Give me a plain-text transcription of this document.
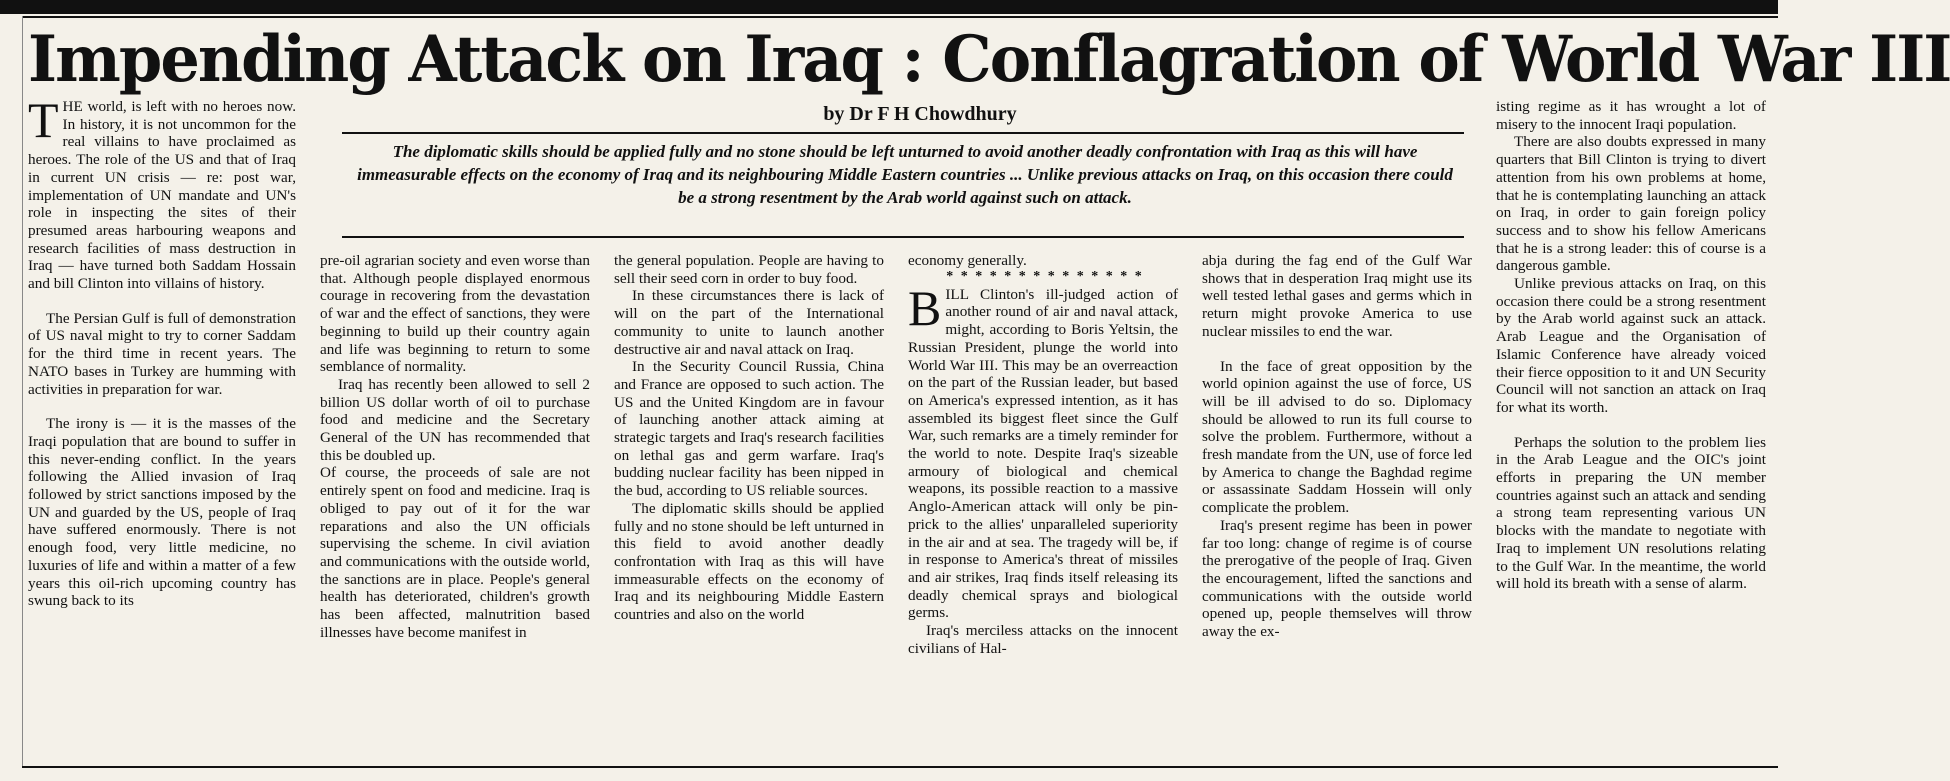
Impending Attack on Iraq : Conflagration of World War III
by Dr F H Chowdhury
The diplomatic skills should be applied fully and no stone should be left unturned to avoid another deadly confrontation with Iraq as this will have immeasurable effects on the economy of Iraq and its neighbouring Middle Eastern countries ... Unlike previous attacks on Iraq, on this occasion there could be a strong resentment by the Arab world against such on attack.

THE world, is left with no heroes now. In history, it is not uncommon for the real villains to have proclaimed as heroes. The role of the US and that of Iraq in current UN crisis — re: post war, implementation of UN mandate and UN's role in inspecting the sites of their presumed areas harbouring weapons and research facilities of mass destruction in Iraq — have turned both Saddam Hossain and bill Clinton into villains of history.

The Persian Gulf is full of demonstration of US naval might to try to corner Saddam for the third time in recent years. The NATO bases in Turkey are humming with activities in preparation for war.

The irony is — it is the masses of the Iraqi population that are bound to suffer in this never-ending conflict. In the years following the Allied invasion of Iraq followed by strict sanctions imposed by the UN and guarded by the US, people of Iraq have suffered enormously. There is not enough food, very little medicine, no luxuries of life and within a matter of a few years this oil-rich upcoming country has swung back to its

pre-oil agrarian society and even worse than that. Although people displayed enormous courage in recovering from the devastation of war and the effect of sanctions, they were beginning to build up their country again and life was beginning to return to some semblance of normality.

Iraq has recently been allowed to sell 2 billion US dollar worth of oil to purchase food and medicine and the Secretary General of the UN has recommended that this be doubled up.

Of course, the proceeds of sale are not entirely spent on food and medicine. Iraq is obliged to pay out of it for the war reparations and also the UN officials supervising the scheme. In civil aviation and communications with the outside world, the sanctions are in place. People's general health has deteriorated, children's growth has been affected, malnutrition based illnesses have become manifest in

the general population. People are having to sell their seed corn in order to buy food.

In these circumstances there is lack of will on the part of the International community to unite to launch another destructive air and naval attack on Iraq.

In the Security Council Russia, China and France are opposed to such action. The US and the United Kingdom are in favour of launching another attack aiming at strategic targets and Iraq's research facilities on lethal gas and germ warfare. Iraq's budding nuclear facility has been nipped in the bud, according to US reliable sources.

The diplomatic skills should be applied fully and no stone should be left unturned in this field to avoid another deadly confrontation with Iraq as this will have immeasurable effects on the economy of Iraq and its neighbouring Middle Eastern countries and also on the world

economy generally.

BILL Clinton's ill-judged action of another round of air and naval attack, might, according to Boris Yeltsin, the Russian President, plunge the world into World War III. This may be an overreaction on the part of the Russian leader, but based on America's expressed intention, as it has assembled its biggest fleet since the Gulf War, such remarks are a timely reminder for the world to note. Despite Iraq's sizeable armoury of biological and chemical weapons, its possible reaction to a massive Anglo-American attack will only be pin-prick to the allies' unparalleled superiority in the air and at sea. The tragedy will be, if in response to America's threat of missiles and air strikes, Iraq finds itself releasing its deadly chemical sprays and biological germs.

Iraq's merciless attacks on the innocent civilians of Hal-

* * * * * * * * * * * * * *

abja during the fag end of the Gulf War shows that in desperation Iraq might use its well tested lethal gases and germs which in return might provoke America to use nuclear missiles to end the war.

In the face of great opposition by the world opinion against the use of force, US will be ill advised to do so. Diplomacy should be allowed to run its full course to solve the problem. Furthermore, without a fresh mandate from the UN, use of force led by America to change the Baghdad regime or assassinate Saddam Hossein will only complicate the problem.

Iraq's present regime has been in power far too long: change of regime is of course the prerogative of the people of Iraq. Given the encouragement, lifted the sanctions and communications with the outside world opened up, people themselves will throw away the ex-

isting regime as it has wrought a lot of misery to the innocent Iraqi population.

There are also doubts expressed in many quarters that Bill Clinton is trying to divert attention from his own problems at home, that he is contemplating launching an attack on Iraq, in order to gain foreign policy success and to show his fellow Americans that he is a strong leader: this of course is a dangerous gamble.

Unlike previous attacks on Iraq, on this occasion there could be a strong resentment by the Arab world against suck an attack. Arab League and the Organisation of Islamic Conference have already voiced their fierce opposition to it and UN Security Council will not sanction an attack on Iraq for what its worth.

Perhaps the solution to the problem lies in the Arab League and the OIC's joint efforts in preparing the UN member countries against such an attack and sending a strong team representing various UN blocks with the mandate to negotiate with Iraq to implement UN resolutions relating to the Gulf War. In the meantime, the world will hold its breath with a sense of alarm.
